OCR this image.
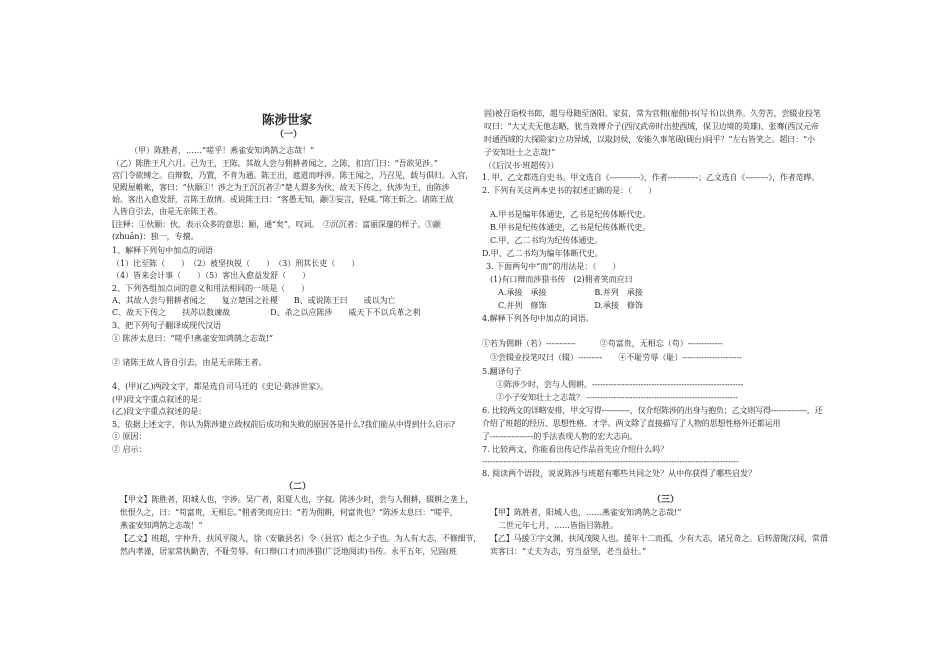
陈涉世家
（一）
（甲）陈胜者，……“嗟乎！燕雀安知鸿鹄之志哉！”
（乙）陈胜王凡六月。已为王，王陈。其故人尝与佣耕者闻之，之陈，扣宫门曰：“吾欲见涉。”
宫门令欲缚之。自辩数，乃置，不肯为通。陈王出，遮道而呼涉。陈王闻之，乃召见，载与俱归。入宫，
见殿屋帷帐，客曰：“伙颐①！涉之为王沉沉者②”楚人谓多为伙，故天下传之，伙涉为王，由陈涉
始。客出入愈发舒，言陈王故情。或说陈王曰：“客愚无知，颛③妄言，轻威。”陈王斩之。诸陈王故
人皆自引去，由是无亲陈王者。
[注释：①伙颐：伙，表示众多的意思；颐，通“矣”，叹词。　②沉沉者：富丽深邃的样子。③颛
(zhuān)：独一，专擅。
1、解释下列句中加点的词语
（1）比至陈（　　）　（2）被坚执锐（　　）　（3）刑其长吏（　　）
（4）皆来会计事（　　）（5）客出入愈益发舒（　　）
2、下列各组加点词的意义和用法相同的一项是（　　）
A、其故人尝与佣耕者闻之　　复立楚国之社稷　　B、或说陈王曰　　或以为亡
C、故天下传之　　扶苏以数谏故　　　　　D、杀之以应陈涉　　威天下不以兵革之利
3、把下列句子翻译成现代汉语
① 陈涉太息曰：“嗟乎!燕雀安知鸿鹄之志哉!”
② 诸陈王故人皆自引去，由是无亲陈王者。
4、(甲)(乙)两段文字，都是选自司马迁的《史记·陈涉世家》。
(甲)段文字重点叙述的是：
(乙)段文字重点叙述的是：
5、依据上述文字，你认为陈涉建立政权前后成功和失败的原因各是什么?我们能从中得到什么启示?
① 原因：
② 启示：
（二）
【甲文】陈胜者，阳城人也，字涉。吴广者，阳夏人也，字叔。陈涉少时，尝与人佣耕，辍耕之垄上，
怅恨久之，曰：“苟富贵，无相忘。”佣者笑而应曰：“若为佣耕，何富贵也？”陈涉太息曰：“嗟乎，
燕雀安知鸿鹄之志哉！”
【乙文】班超，字仲升，扶风平陵人，徐（安徽县名）令（县官）彪之少子也。为人有大志，不修细节，
然内孝谨，居家常执勤苦，不耻劳辱。有口辩(口才)而涉猎(广泛地阅读)书传。永平五年，兄固(班
固)被召诣校书郎，超与母随至洛阳。家贫，常为官佣(雇佣)书(写书)以供养。久劳苦，尝辍业投笔
叹曰：“大丈夫无他志略，犹当效傅介子(西汉武帝时出使西域，保卫边境的英雄)、张骞(西汉元帝
时通西域的大探险家)立功异域，以取封侯，安能久事笔砚(砚台)间乎？”左右皆笑之。超曰：“小
子安知壮士之志哉!”
（《后汉书·班超传》）
1. 甲、乙文都选自史书。甲文选自《------------》，作者------------；乙文选自《---------》，作者范晔。
2. 下列有关这两本史书的叙述正确的是：（　　）
A.甲书是编年体通史，乙书是纪传体断代史。
B.甲书是纪传体通史，乙书是纪传体断代史。
C.甲、乙二书均为纪传体通史。
D.甲、乙二书均为编年体断代史。
3. 下面两句中“而”的用法是：（　　）
(1)有口辩而涉猎书传　(2)佣者笑而应曰
A.承接　承接　　　　　　B.并列　承接
C.并列　修饰　　　　　　D.承接　修饰
4.解释下列各句中加点的词语。
①若为佣耕（若）-----------　　　②苟富贵，无相忘（苟）-------------
　③尝辍业投笔叹曰（辍）---------　　④不耻劳辱（耻）----------------------
5.翻译句子
　①陈涉少时，尝与人佣耕。--------------------------------------------------------
　②小子安知壮士之志哉？ --------------------------------------------------------
6. 比较两文的详略安排，甲文写得-----------，仅介绍陈涉的出身与抱负；乙文则写得--------------，还
介绍了班超的经历、思想性格、才学。两文除了直接描写了人物的思想性格外还都运用
了----------------的手法表现人物的宏大志向。
7. 比较两文，你能看出传记作品首先应介绍什么吗？
-----------------------------------------------------------------------------------------------
8. 阅读两个语段，说说陈涉与班超有哪些共同之处？从中你获得了哪些启发？
（三）
【甲】陈胜者，阳城人也，……燕雀安知鸿鹄之志哉!”
　二世元年七月，……皆指目陈胜。
【乙】马援①字文渊，扶风茂陵人也。援年十二而孤，少有大志，诸兄奇之。后转游陇汉间，常谓
宾客曰：“丈夫为志，穷当益坚，老当益壮。”
